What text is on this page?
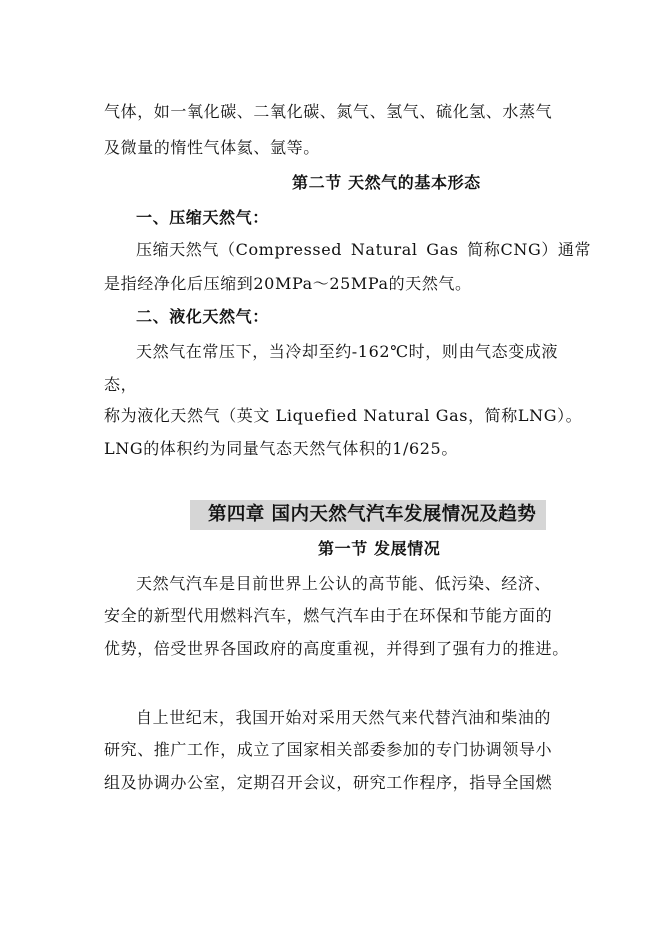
气体，如一氧化碳、二氧化碳、氮气、氢气、硫化氢、水蒸气
及微量的惰性气体氦、氩等。
第二节 天然气的基本形态
一、压缩天然气：
压缩天然气（Compressed Natural Gas 简称CNG）通常
是指经净化后压缩到20MPa～25MPa的天然气。
二、液化天然气：
天然气在常压下，当冷却至约-162℃时，则由气态变成液
态，
称为液化天然气（英文 Liquefied Natural Gas，简称LNG）。
LNG的体积约为同量气态天然气体积的1/625。
第四章 国内天然气汽车发展情况及趋势
第一节 发展情况
天然气汽车是目前世界上公认的高节能、低污染、经济、
安全的新型代用燃料汽车，燃气汽车由于在环保和节能方面的
优势，倍受世界各国政府的高度重视，并得到了强有力的推进。
自上世纪末，我国开始对采用天然气来代替汽油和柴油的
研究、推广工作，成立了国家相关部委参加的专门协调领导小
组及协调办公室，定期召开会议，研究工作程序，指导全国燃
